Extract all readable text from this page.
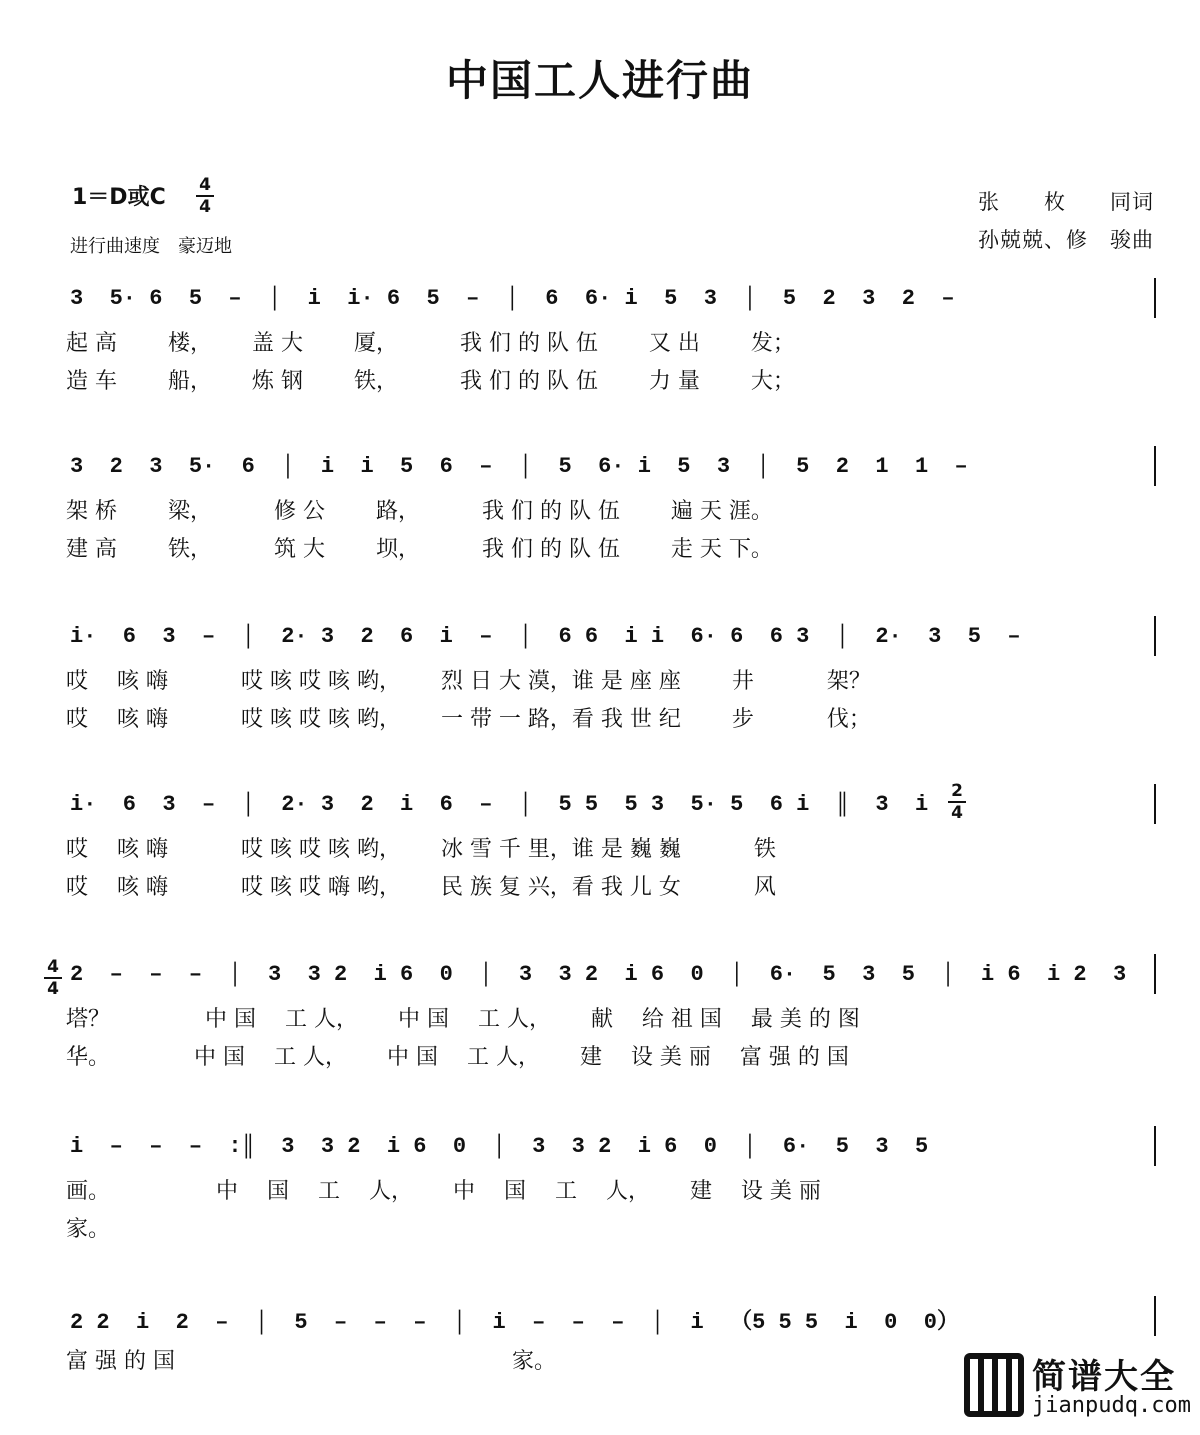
中国工人进行曲
1＝D或C 4
4
进行曲速度　豪迈地
张　　枚　　同词
孙兢兢、修　骏曲
3  5· 6  5  –  │  i  i· 6  5  –  │  6  6· i  5  3  │  5  2  3  2  –
起 高　　 楼，　　 盖 大　　 厦，　　　 我 们 的 队 伍　　 又 出　　 发；
造 车　　 船，　　 炼 钢　　 铁，　　　 我 们 的 队 伍　　 力 量　　 大；
3  2  3  5·  6  │  i  i  5  6  –  │  5  6· i  5  3  │  5  2  1  1  –
架 桥　　 梁，　　　 修 公　　 路，　　　 我 们 的 队 伍　　 遍 天 涯。
建 高　　 铁，　　　 筑 大　　 坝，　　　 我 们 的 队 伍　　 走 天 下。
i·  6  3  –  │  2· 3  2  6  i  –  │  6 6  i i  6· 6  6 3  │  2·  3  5  –
哎　 咳 嗨　　　 哎 咳 哎 咳 哟，　　 烈 日 大 漠，谁 是 座 座　　 井　　　 架？
哎　 咳 嗨　　　 哎 咳 哎 咳 哟，　　 一 带 一 路，看 我 世 纪　　 步　　　 伐；
i·  6  3  –  │  2· 3  2  i  6  –  │  5 5  5 3  5· 5  6 i  ║  3  i
哎　 咳 嗨　　　 哎 咳 哎 咳 哟，　　 冰 雪 千 里，谁 是 巍 巍　　　 铁
哎　 咳 嗨　　　 哎 咳 哎 嗨 哟，　　 民 族 复 兴，看 我 儿 女　　　 风
2  –  –  –  │  3  3 2  i 6  0  │  3  3 2  i 6  0  │  6·  5  3  5  │  i 6  i 2  3
塔？　　　　 中 国　 工 人，　　 中 国　 工 人，　　 献　 给 祖 国　 最 美 的 图
华。　　　　 中 国　 工 人，　　 中 国　 工 人，　　 建　 设 美 丽　 富 强 的 国
i  –  –  –  :║  3  3 2  i 6  0  │  3  3 2  i 6  0  │  6·  5  3  5
画。　　　　　 中　 国　 工　 人，　　 中　 国　 工　 人，　　 建　 设 美 丽
家。
2 2  i  2  –  │  5  –  –  –  │  i  –  –  –  │  i  （5 5 5  i  0  0）
富 强 的 国　　　　　　　　　　　　　　　 家。
2
4
4
4
简谱大全
jianpudq.com
